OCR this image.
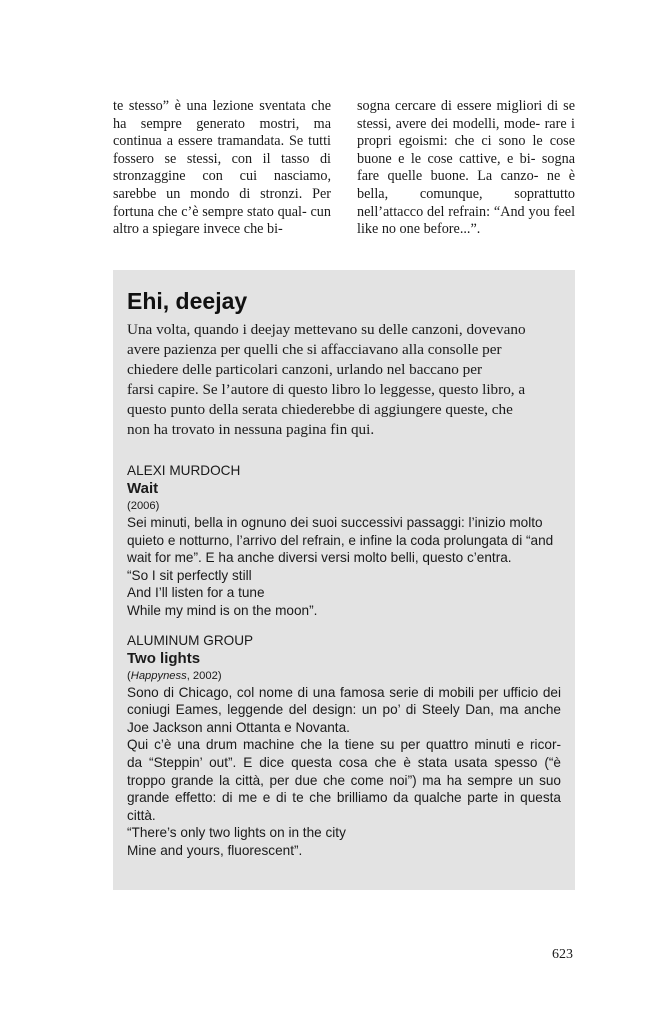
te stesso” è una lezione sventata che ha sempre generato mostri, ma continua a essere tramandata. Se tutti fossero se stessi, con il tasso di stronzaggine con cui nasciamo, sarebbe un mondo di stronzi. Per fortuna che c’è sempre stato qual- cun altro a spiegare invece che bi-

sogna cercare di essere migliori di se stessi, avere dei modelli, mode- rare i propri egoismi: che ci sono le cose buone e le cose cattive, e bi- sogna fare quelle buone. La canzo- ne è bella, comunque, soprattutto nell’attacco del refrain: “And you feel like no one before...”.

Ehi, deejay

Una volta, quando i deejay mettevano su delle canzoni, dovevano
avere pazienza per quelli che si affacciavano alla consolle per
chiedere delle particolari canzoni, urlando nel baccano per
farsi capire. Se l’autore di questo libro lo leggesse, questo libro, a
questo punto della serata chiederebbe di aggiungere queste, che
non ha trovato in nessuna pagina fin qui.

ALEXI MURDOCH
Wait
(2006)
Sei minuti, bella in ognuno dei suoi successivi passaggi: l’inizio molto
quieto e notturno, l’arrivo del refrain, e infine la coda prolungata di “and
wait for me”. E ha anche diversi versi molto belli, questo c’entra.
“So I sit perfectly still
And I’ll listen for a tune
While my mind is on the moon”.
ALUMINUM GROUP
Two lights
(Happyness, 2002)
Sono di Chicago, col nome di una famosa serie di mobili per ufficio dei
coniugi Eames, leggende del design: un po’ di Steely Dan, ma anche
Joe Jackson anni Ottanta e Novanta.
Qui c’è una drum machine che la tiene su per quattro minuti e ricor-
da “Steppin’ out”. E dice questa cosa che è stata usata spesso (“è
troppo grande la città, per due che come noi”) ma ha sempre un suo
grande effetto: di me e di te che brilliamo da qualche parte in questa
città.
“There’s only two lights on in the city
Mine and yours, fluorescent”.
623
